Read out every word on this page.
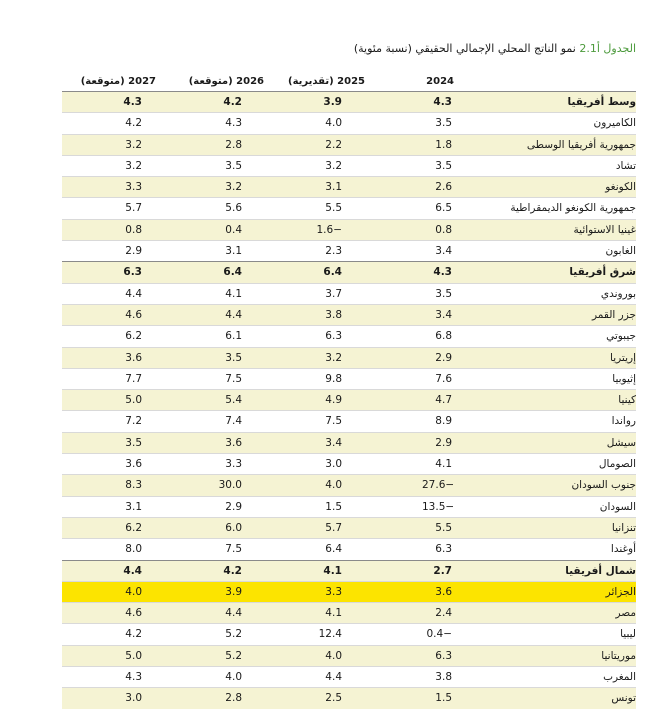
الجدول أ2.1 نمو الناتج المحلي الإجمالي الحقيقي (نسبة مئوية)
2024
2025 (تقديرية)
2026 (متوقعة)
2027 (متوقعة)
وسط أفريقيا
4.3
3.9
4.2
4.3
الكاميرون
3.5
4.0
4.3
4.2
جمهورية أفريقيا الوسطى
1.8
2.2
2.8
3.2
تشاد
3.5
3.2
3.5
3.2
الكونغو
2.6
3.1
3.2
3.3
جمهورية الكونغو الديمقراطية
6.5
5.5
5.6
5.7
غينيا الاستوائية
0.8
1.6−
0.4
0.8
الغابون
3.4
2.3
3.1
2.9
شرق أفريقيا
4.3
6.4
6.4
6.3
بوروندي
3.5
3.7
4.1
4.4
جزر القمر
3.4
3.8
4.4
4.6
جيبوتي
6.8
6.3
6.1
6.2
إريتريا
2.9
3.2
3.5
3.6
إثيوبيا
7.6
9.8
7.5
7.7
كينيا
4.7
4.9
5.4
5.0
رواندا
8.9
7.5
7.4
7.2
سيشل
2.9
3.4
3.6
3.5
الصومال
4.1
3.0
3.3
3.6
جنوب السودان
27.6−
4.0
30.0
8.3
السودان
13.5−
1.5
2.9
3.1
تنزانيا
5.5
5.7
6.0
6.2
أوغندا
6.3
6.4
7.5
8.0
شمال أفريقيا
2.7
4.1
4.2
4.4
الجزائر
3.6
3.3
3.9
4.0
مصر
2.4
4.1
4.4
4.6
ليبيا
0.4−
12.4
5.2
4.2
موريتانيا
6.3
4.0
5.2
5.0
المغرب
3.8
4.4
4.0
4.3
تونس
1.5
2.5
2.8
3.0
